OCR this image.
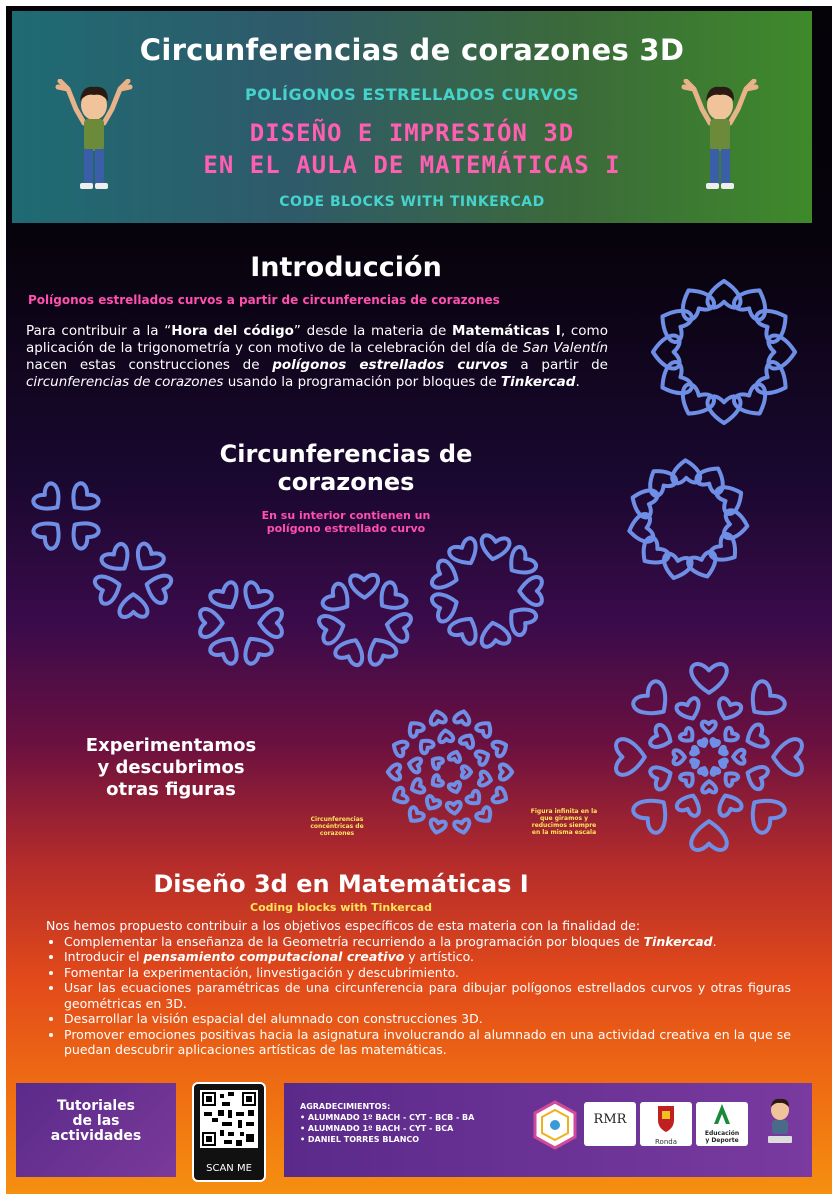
Circunferencias de corazones 3D
POLÍGONOS ESTRELLADOS CURVOS
DISEÑO E IMPRESIÓN 3D
EN EL AULA DE MATEMÁTICAS I
CODE BLOCKS WITH TINKERCAD
Introducción
Polígonos estrellados curvos a partir de circunferencias de corazones
Para contribuir a la “Hora del código” desde la materia de Matemáticas I, como aplicación de la trigonometría y con motivo de la celebración del día de San Valentín nacen estas construcciones de polígonos estrellados curvos a partir de circunferencias de corazones usando la programación por bloques de Tinkercad.
Circunferencias de
corazones
En su interior contienen un
polígono estrellado curvo
Experimentamos
y descubrimos
otras figuras
Circunferencias
concéntricas de
corazones
Figura infinita en la
que giramos y
reducimos siempre
en la misma escala
Diseño 3d en Matemáticas I
Coding blocks with Tinkercad
Nos hemos propuesto contribuir a los objetivos específicos de esta materia con la finalidad de:
• Complementar la enseñanza de la Geometría recurriendo a la programación por bloques de Tinkercad.
• Introducir el pensamiento computacional creativo y artístico.
• Fomentar la experimentación, linvestigación y descubrimiento.
• Usar las ecuaciones paramétricas de una circunferencia para dibujar polígonos estrellados curvos y otras figuras geométricas en 3D.
• Desarrollar la visión espacial del alumnado con construcciones 3D.
• Promover emociones positivas hacia la asignatura involucrando al alumnado en una actividad creativa en la que se puedan descubrir aplicaciones artísticas de las matemáticas.
Tutoriales
de las
actividades
SCAN ME
AGRADECIMIENTOS:
• ALUMNADO 1º BACH - CYT - BCB - BA
• ALUMNADO 1º BACH - CYT - BCA
• DANIEL TORRES BLANCO
RMR
Ronda
Educación
y Deporte
